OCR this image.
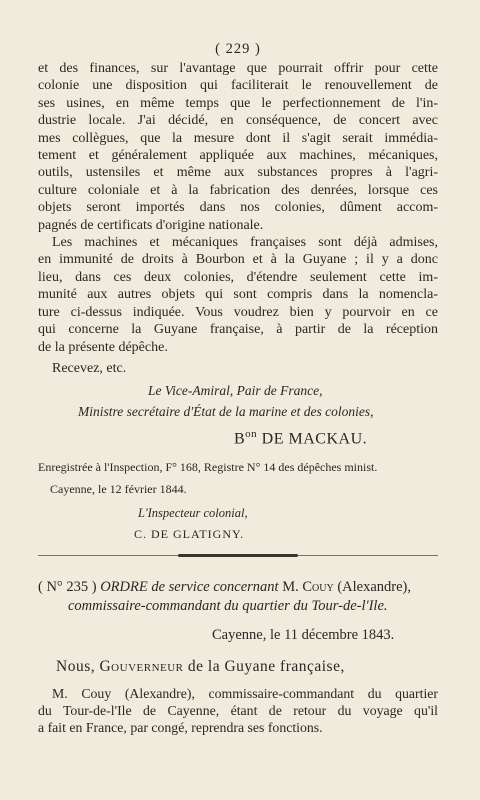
( 229 )

et des finances, sur l'avantage que pourrait offrir pour cette
colonie une disposition qui faciliterait le renouvellement de
ses usines, en même temps que le perfectionnement de l'in-
dustrie locale. J'ai décidé, en conséquence, de concert avec
mes collègues, que la mesure dont il s'agit serait immédia-
tement et généralement appliquée aux machines, mécaniques,
outils, ustensiles et même aux substances propres à l'agri-
culture coloniale et à la fabrication des denrées, lorsque ces
objets seront importés dans nos colonies, dûment accom-
pagnés de certificats d'origine nationale.

Les machines et mécaniques françaises sont déjà admises,
en immunité de droits à Bourbon et à la Guyane ; il y a donc
lieu, dans ces deux colonies, d'étendre seulement cette im-
munité aux autres objets qui sont compris dans la nomencla-
ture ci-dessus indiquée. Vous voudrez bien y pourvoir en ce
qui concerne la Guyane française, à partir de la réception
de la présente dépêche.

Recevez, etc.
Le Vice-Amiral, Pair de France,
Ministre secrétaire d'État de la marine et des colonies,
$B^{on}$ DE MACKAU.
Enregistrée à l'Inspection, F° 168, Registre N° 14 des dépêches minist.
Cayenne, le 12 février 1844.
L'Inspecteur colonial,
C. DE GLATIGNY.
( N° 235 ) ORDRE de service concernant M. Couy (Alexandre),
commissaire-commandant du quartier du Tour-de-l'Ile.
Cayenne, le 11 décembre 1843.
Nous, Gouverneur de la Guyane française,

M. Couy (Alexandre), commissaire-commandant du quartier
du Tour-de-l'Ile de Cayenne, étant de retour du voyage qu'il
a fait en France, par congé, reprendra ses fonctions.
